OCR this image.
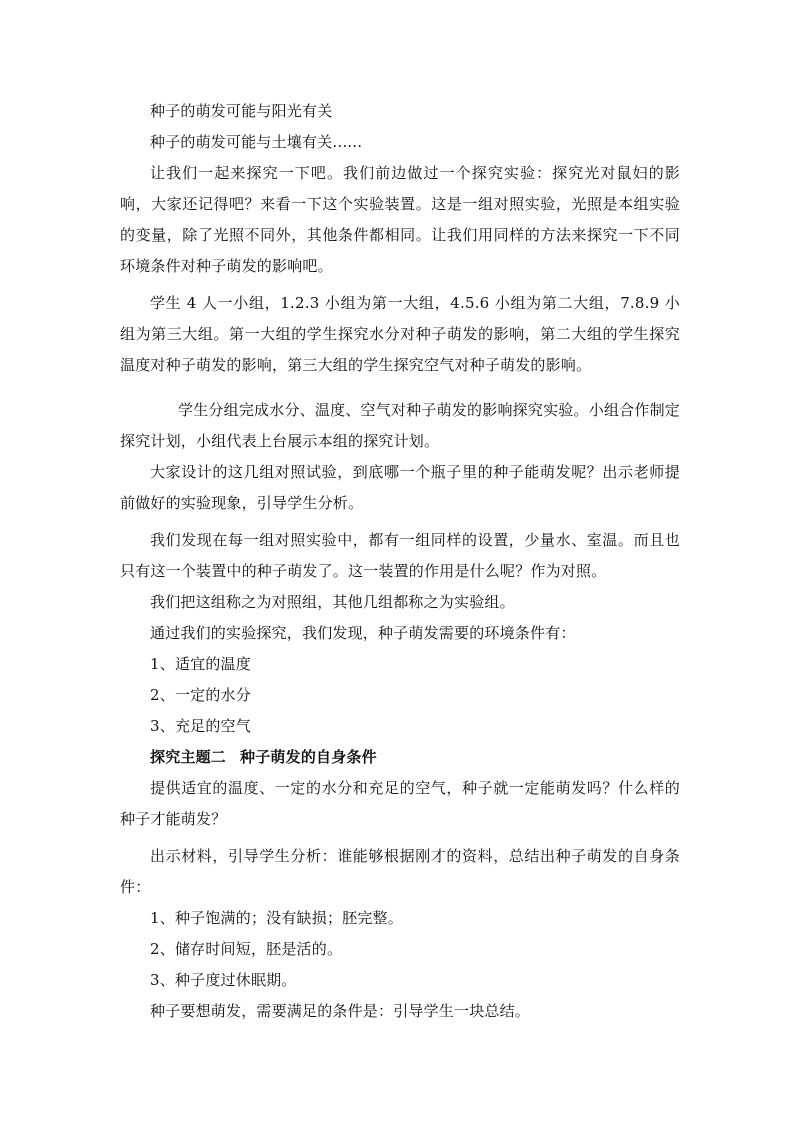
种子的萌发可能与阳光有关

种子的萌发可能与土壤有关......

让我们一起来探究一下吧。我们前边做过一个探究实验：探究光对鼠妇的影响，大家还记得吧？来看一下这个实验装置。这是一组对照实验，光照是本组实验的变量，除了光照不同外，其他条件都相同。让我们用同样的方法来探究一下不同环境条件对种子萌发的影响吧。

学生 4 人一小组，1.2.3 小组为第一大组，4.5.6 小组为第二大组，7.8.9 小组为第三大组。第一大组的学生探究水分对种子萌发的影响，第二大组的学生探究温度对种子萌发的影响，第三大组的学生探究空气对种子萌发的影响。

学生分组完成水分、温度、空气对种子萌发的影响探究实验。小组合作制定探究计划，小组代表上台展示本组的探究计划。

大家设计的这几组对照试验，到底哪一个瓶子里的种子能萌发呢？出示老师提前做好的实验现象，引导学生分析。

我们发现在每一组对照实验中，都有一组同样的设置，少量水、室温。而且也只有这一个装置中的种子萌发了。这一装置的作用是什么呢？作为对照。

我们把这组称之为对照组，其他几组都称之为实验组。

通过我们的实验探究，我们发现，种子萌发需要的环境条件有：

1、适宜的温度

2、一定的水分

3、充足的空气

探究主题二 种子萌发的自身条件

提供适宜的温度、一定的水分和充足的空气，种子就一定能萌发吗？什么样的种子才能萌发？

出示材料，引导学生分析：谁能够根据刚才的资料，总结出种子萌发的自身条件：

1、种子饱满的；没有缺损；胚完整。

2、储存时间短，胚是活的。

3、种子度过休眠期。

种子要想萌发，需要满足的条件是：引导学生一块总结。
